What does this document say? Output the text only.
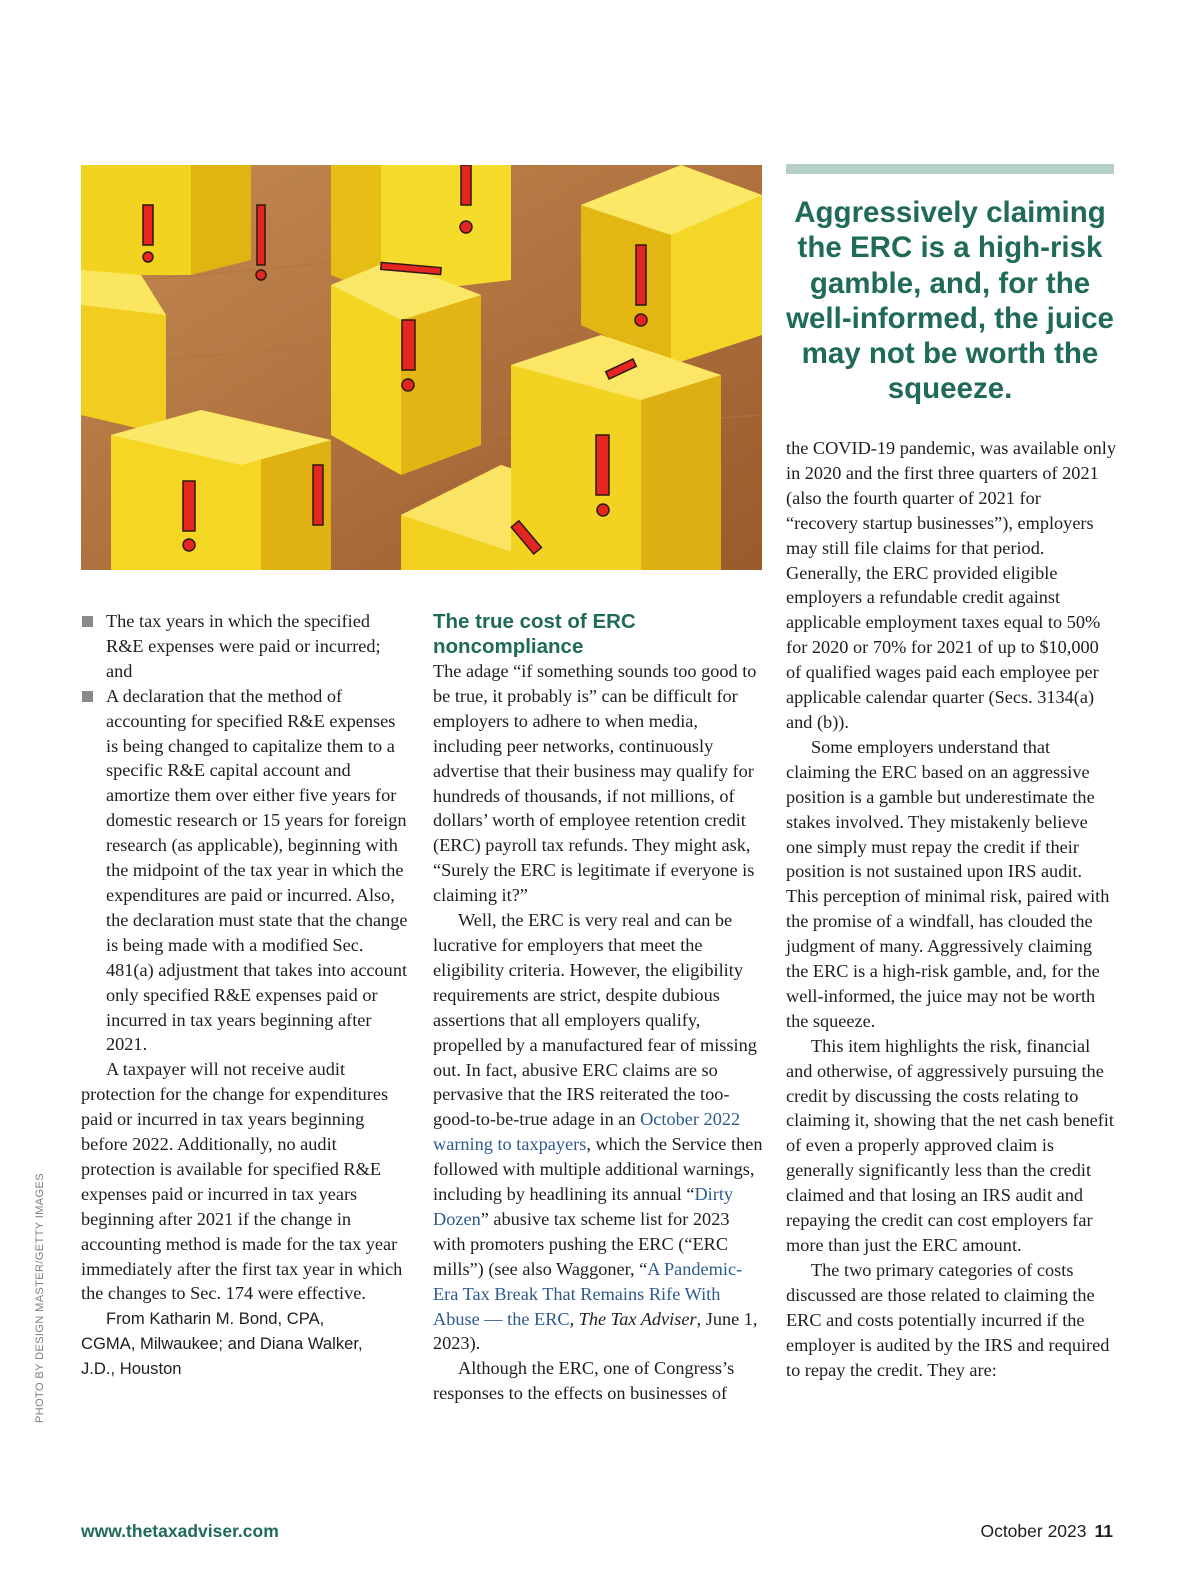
PHOTO BY DESIGN MASTER/GETTY IMAGES
The tax years in which the specified R&E expenses were paid or incurred; and
A declaration that the method of accounting for specified R&E expenses is being changed to capitalize them to a specific R&E capital account and amortize them over either five years for domestic research or 15 years for foreign research (as applicable), beginning with the midpoint of the tax year in which the expenditures are paid or incurred. Also, the declaration must state that the change is being made with a modified Sec. 481(a) adjustment that takes into account only specified R&E expenses paid or incurred in tax years beginning after 2021.

A taxpayer will not receive audit protection for the change for expenditures paid or incurred in tax years beginning before 2022. Additionally, no audit protection is available for specified R&E expenses paid or incurred in tax years beginning after 2021 if the change in accounting method is made for the tax year immediately after the first tax year in which the changes to Sec. 174 were effective.

From Katharin M. Bond, CPA,
CGMA, Milwaukee; and Diana Walker,
J.D., Houston
The true cost of ERC noncompliance

The adage “if something sounds too good to be true, it probably is” can be difficult for employers to adhere to when media, including peer networks, continuously advertise that their business may qualify for hundreds of thousands, if not millions, of dollars’ worth of employee retention credit (ERC) payroll tax refunds. They might ask, “Surely the ERC is legitimate if everyone is claiming it?”

Well, the ERC is very real and can be lucrative for employers that meet the eligibility criteria. However, the eligibility requirements are strict, despite dubious assertions that all employers qualify, propelled by a manufactured fear of missing out. In fact, abusive ERC claims are so pervasive that the IRS reiterated the too-good-to-be-true adage in an October 2022 warning to taxpayers, which the Service then followed with multiple additional warnings, including by headlining its annual “Dirty Dozen” abusive tax scheme list for 2023 with promoters pushing the ERC (“ERC mills”) (see also Waggoner, “A Pandemic-Era Tax Break That Remains Rife With Abuse — the ERC, The Tax Adviser, June 1, 2023).

Although the ERC, one of Congress’s responses to the effects on businesses of

Aggressively claiming the ERC is a high-risk gamble, and, for the well-informed, the juice may not be worth the squeeze.

the COVID-19 pandemic, was available only in 2020 and the first three quarters of 2021 (also the fourth quarter of 2021 for “recovery startup businesses”), employers may still file claims for that period. Generally, the ERC provided eligible employers a refundable credit against applicable employment taxes equal to 50% for 2020 or 70% for 2021 of up to $10,000 of qualified wages paid each employee per applicable calendar quarter (Secs. 3134(a) and (b)).

Some employers understand that claiming the ERC based on an aggressive position is a gamble but underestimate the stakes involved. They mistakenly believe one simply must repay the credit if their position is not sustained upon IRS audit. This perception of minimal risk, paired with the promise of a windfall, has clouded the judgment of many. Aggressively claiming the ERC is a high-risk gamble, and, for the well-informed, the juice may not be worth the squeeze.

This item highlights the risk, financial and otherwise, of aggressively pursuing the credit by discussing the costs relating to claiming it, showing that the net cash benefit of even a properly approved claim is generally significantly less than the credit claimed and that losing an IRS audit and repaying the credit can cost employers far more than just the ERC amount.

The two primary categories of costs discussed are those related to claiming the ERC and costs potentially incurred if the employer is audited by the IRS and required to repay the credit. They are:

www.thetaxadviser.com	October 2023 11
